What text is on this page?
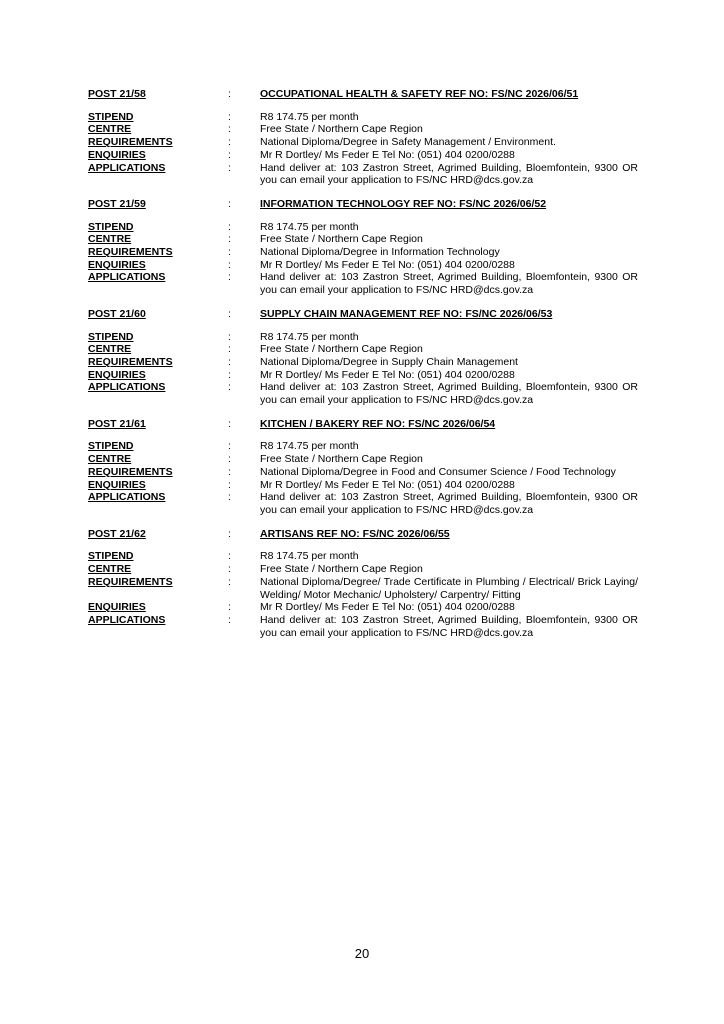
POST 21/58	:	OCCUPATIONAL HEALTH & SAFETY REF NO: FS/NC 2026/06/51
STIPEND	:	R8 174.75 per month
CENTRE	:	Free State / Northern Cape Region
REQUIREMENTS	:	National Diploma/Degree in Safety Management / Environment.
ENQUIRIES	:	Mr R Dortley/ Ms Feder E Tel No: (051) 404 0200/0288
APPLICATIONS	:	Hand deliver at: 103 Zastron Street, Agrimed Building, Bloemfontein, 9300 OR you can email your application to FS/NC HRD@dcs.gov.za
POST 21/59	:	INFORMATION TECHNOLOGY REF NO: FS/NC 2026/06/52
STIPEND	:	R8 174.75 per month
CENTRE	:	Free State / Northern Cape Region
REQUIREMENTS	:	National Diploma/Degree in Information Technology
ENQUIRIES	:	Mr R Dortley/ Ms Feder E Tel No: (051) 404 0200/0288
APPLICATIONS	:	Hand deliver at: 103 Zastron Street, Agrimed Building, Bloemfontein, 9300 OR you can email your application to FS/NC HRD@dcs.gov.za
POST 21/60	:	SUPPLY CHAIN MANAGEMENT REF NO: FS/NC 2026/06/53
STIPEND	:	R8 174.75 per month
CENTRE	:	Free State / Northern Cape Region
REQUIREMENTS	:	National Diploma/Degree in Supply Chain Management
ENQUIRIES	:	Mr R Dortley/ Ms Feder E Tel No: (051) 404 0200/0288
APPLICATIONS	:	Hand deliver at: 103 Zastron Street, Agrimed Building, Bloemfontein, 9300 OR you can email your application to FS/NC HRD@dcs.gov.za
POST 21/61	:	KITCHEN / BAKERY REF NO: FS/NC 2026/06/54
STIPEND	:	R8 174.75 per month
CENTRE	:	Free State / Northern Cape Region
REQUIREMENTS	:	National Diploma/Degree in Food and Consumer Science / Food Technology
ENQUIRIES	:	Mr R Dortley/ Ms Feder E Tel No: (051) 404 0200/0288
APPLICATIONS	:	Hand deliver at: 103 Zastron Street, Agrimed Building, Bloemfontein, 9300 OR you can email your application to FS/NC HRD@dcs.gov.za
POST 21/62	:	ARTISANS REF NO: FS/NC 2026/06/55
STIPEND	:	R8 174.75 per month
CENTRE	:	Free State / Northern Cape Region
REQUIREMENTS	:	National Diploma/Degree/ Trade Certificate in Plumbing / Electrical/ Brick Laying/ Welding/ Motor Mechanic/ Upholstery/ Carpentry/ Fitting
ENQUIRIES	:	Mr R Dortley/ Ms Feder E Tel No: (051) 404 0200/0288
APPLICATIONS	:	Hand deliver at: 103 Zastron Street, Agrimed Building, Bloemfontein, 9300 OR you can email your application to FS/NC HRD@dcs.gov.za
20
